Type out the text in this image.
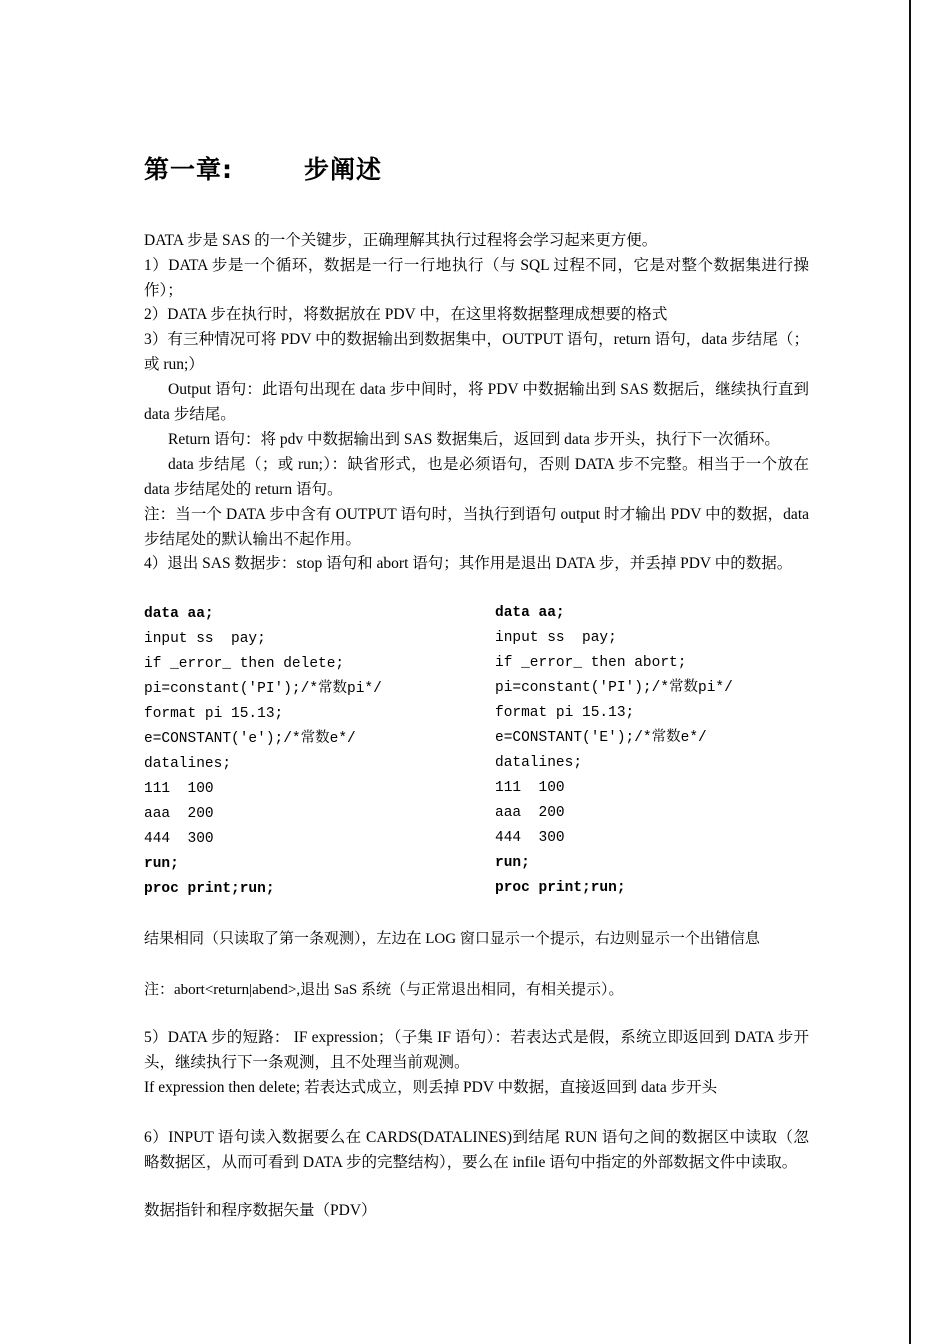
第一章:	步阐述
DATA 步是 SAS 的一个关键步，正确理解其执行过程将会学习起来更方便。
1）DATA 步是一个循环，数据是一行一行地执行（与 SQL 过程不同，它是对整个数据集进行操作）；
2）DATA 步在执行时，将数据放在 PDV 中，在这里将数据整理成想要的格式
3）有三种情况可将 PDV 中的数据输出到数据集中，OUTPUT 语句，return 语句，data 步结尾（；或 run;）
Output 语句：此语句出现在 data 步中间时，将 PDV 中数据输出到 SAS 数据后，继续执行直到 data 步结尾。
Return 语句：将 pdv 中数据输出到 SAS 数据集后，返回到 data 步开头，执行下一次循环。
data 步结尾（；或 run;）：缺省形式，也是必须语句，否则 DATA 步不完整。相当于一个放在 data 步结尾处的 return 语句。
注：当一个 DATA 步中含有 OUTPUT 语句时，当执行到语句 output 时才输出 PDV 中的数据，data 步结尾处的默认输出不起作用。
4）退出 SAS 数据步：stop 语句和 abort 语句；其作用是退出 DATA 步，并丢掉 PDV 中的数据。
data aa;
input ss  pay;
if _error_ then delete;
pi=constant('PI');/*常数pi*/
format pi 15.13;
e=CONSTANT('e');/*常数e*/
datalines;
111  100
aaa  200
444  300
run;
proc print;run;
data aa;
input ss  pay;
if _error_ then abort;
pi=constant('PI');/*常数pi*/
format pi 15.13;
e=CONSTANT('E');/*常数e*/
datalines;
111  100
aaa  200
444  300
run;
proc print;run;
结果相同（只读取了第一条观测），左边在 LOG 窗口显示一个提示，右边则显示一个出错信息
注：abort<return|abend>,退出 SaS 系统（与正常退出相同，有相关提示）。
5）DATA 步的短路： IF expression；（子集 IF 语句）：若表达式是假，系统立即返回到 DATA 步开头，继续执行下一条观测，且不处理当前观测。
If expression then delete; 若表达式成立，则丢掉 PDV 中数据，直接返回到 data 步开头
6）INPUT 语句读入数据要么在 CARDS(DATALINES)到结尾 RUN 语句之间的数据区中读取（忽略数据区，从而可看到 DATA 步的完整结构），要么在 infile 语句中指定的外部数据文件中读取。
数据指针和程序数据矢量（PDV）
